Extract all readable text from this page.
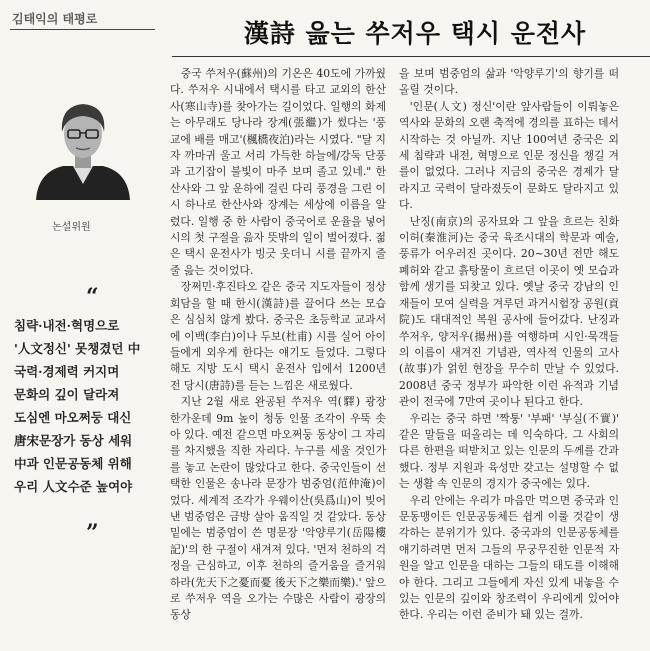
김태익의 태평로
논설위원
“
침략·내전·혁명으로
'人文정신' 못챙겼던 中
국력·경제력 커지며
문화의 깊이 달라져
도심엔 마오쩌둥 대신
唐宋문장가 동상 세워
中과 인문공동체 위해
우리 人文수준 높여야
”
漢詩 읊는 쑤저우 택시 운전사

중국 쑤저우(蘇州)의 기온은 40도에 가까웠다. 쑤저우 시내에서 택시를 타고 교외의 한산사(寒山寺)를 찾아가는 길이었다. 일행의 화제는 아무래도 당나라 장계(張繼)가 썼다는 '풍교에 배를 매고'(楓橋夜泊)라는 시였다. "달 지자 까마귀 울고 서리 가득한 하늘에/강둑 단풍과 고기잡이 불빛이 마주 보며 졸고 있네." 한산사와 그 앞 운하에 걸린 다리 풍경을 그린 이 시 하나로 한산사와 장계는 세상에 이름을 알렸다. 일행 중 한 사람이 중국어로 운율을 넣어 시의 첫 구절을 읊자 뜻밖의 일이 벌어졌다. 젊은 택시 운전사가 빙긋 웃더니 시를 끝까지 줄줄 읊는 것이었다.

장쩌민·후진타오 같은 중국 지도자들이 정상회담을 할 때 한시(漢詩)를 끌어다 쓰는 모습은 심심치 않게 봤다. 중국은 초등학교 교과서에 이백(李白)이나 두보(杜甫) 시를 실어 아이들에게 외우게 한다는 얘기도 들었다. 그렇다 해도 지방 도시 택시 운전사 입에서 1200년 전 당시(唐詩)를 듣는 느낌은 새로웠다.

지난 2월 새로 완공된 쑤저우 역(驛) 광장 한가운데 9m 높이 청동 인물 조각이 우뚝 솟아 있다. 예전 같으면 마오쩌둥 동상이 그 자리를 차지했을 직한 자리다. 누구를 세울 것인가를 놓고 논란이 많았다고 한다. 중국인들이 선택한 인물은 송나라 문장가 범중엄(范仲淹)이었다. 세계적 조각가 우웨이산(吳爲山)이 빚어낸 범중엄은 금방 살아 움직일 것 같았다. 동상 밑에는 범중엄이 쓴 명문장 '악양루기(岳陽樓記)'의 한 구절이 새겨져 있다. '먼저 천하의 걱정을 근심하고, 이후 천하의 즐거움을 즐거워하라(先天下之憂而憂 後天下之樂而樂).' 앞으로 쑤저우 역을 오가는 수많은 사람이 광장의 동상

을 보며 범중엄의 삶과 '악양루기'의 향기를 떠올릴 것이다.

'인문(人文) 정신'이란 앞사람들이 이뤄놓은 역사와 문화의 오랜 축적에 경의를 표하는 데서 시작하는 것 아닐까. 지난 100여년 중국은 외세 침략과 내전, 혁명으로 인문 정신을 챙길 겨를이 없었다. 그러나 지금의 중국은 경제가 달라지고 국력이 달라졌듯이 문화도 달라지고 있다.

난징(南京)의 공자묘와 그 앞을 흐르는 친화이허(秦淮河)는 중국 육조시대의 학문과 예술, 풍류가 어우러진 곳이다. 20~30년 전만 해도 폐허와 같고 흙탕물이 흐르던 이곳이 옛 모습과 함께 생기를 되찾고 있다. 옛날 중국 강남의 인재들이 모여 실력을 겨루던 과거시험장 공원(貢院)도 대대적인 복원 공사에 들어갔다. 난징과 쑤저우, 양저우(揚州)를 여행하며 시인·묵객들의 이름이 새겨진 기념관, 역사적 인물의 고사(故事)가 얽힌 현장을 무수히 만날 수 있었다. 2008년 중국 정부가 파악한 이런 유적과 기념관이 전국에 7만여 곳이나 된다고 한다.

우리는 중국 하면 '짝퉁' '부패' '부실(不實)' 같은 말들을 떠올리는 데 익숙하다. 그 사회의 다른 한편을 떠받치고 있는 인문의 두께를 간과했다. 정부 지원과 육성만 갖고는 설명할 수 없는 생활 속 인문의 경지가 중국에는 있다.

우리 안에는 우리가 마음만 먹으면 중국과 인문동맹이든 인문공동체든 쉽게 이룰 것같이 생각하는 분위기가 있다. 중국과의 인문공동체를 얘기하려면 먼저 그들의 무궁무진한 인문적 자원을 알고 인문을 대하는 그들의 태도를 이해해야 한다. 그리고 그들에게 자신 있게 내놓을 수 있는 인문의 깊이와 창조력이 우리에게 있어야 한다. 우리는 이런 준비가 돼 있는 걸까.
